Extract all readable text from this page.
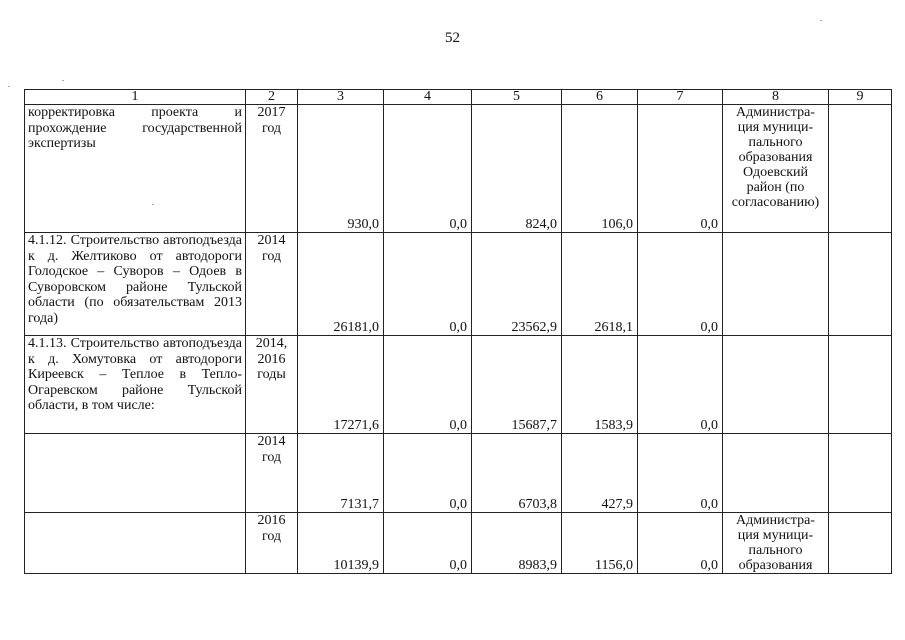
52
1	2	3	4	5	6	7	8	9
корректировка проекта и прохождение государственной экспертизы	2017 год	930,0	0,0	824,0	106,0	0,0	Администра-ция муници-пального образования Одоевский район (по согласованию)	
4.1.12. Строительство автоподъезда к д. Желтиково от автодороги Голодское – Суворов – Одоев в Суворовском районе Тульской области (по обязательствам 2013 года)	2014 год	26181,0	0,0	23562,9	2618,1	0,0		
4.1.13. Строительство автоподъезда к д. Хомутовка от автодороги Киреевск – Теплое в Тепло-Огаревском районе Тульской области, в том числе:	2014, 2016 годы	17271,6	0,0	15687,7	1583,9	0,0		
	2014 год	7131,7	0,0	6703,8	427,9	0,0		
	2016 год	10139,9	0,0	8983,9	1156,0	0,0	Администра-ция муници-пального образования	
